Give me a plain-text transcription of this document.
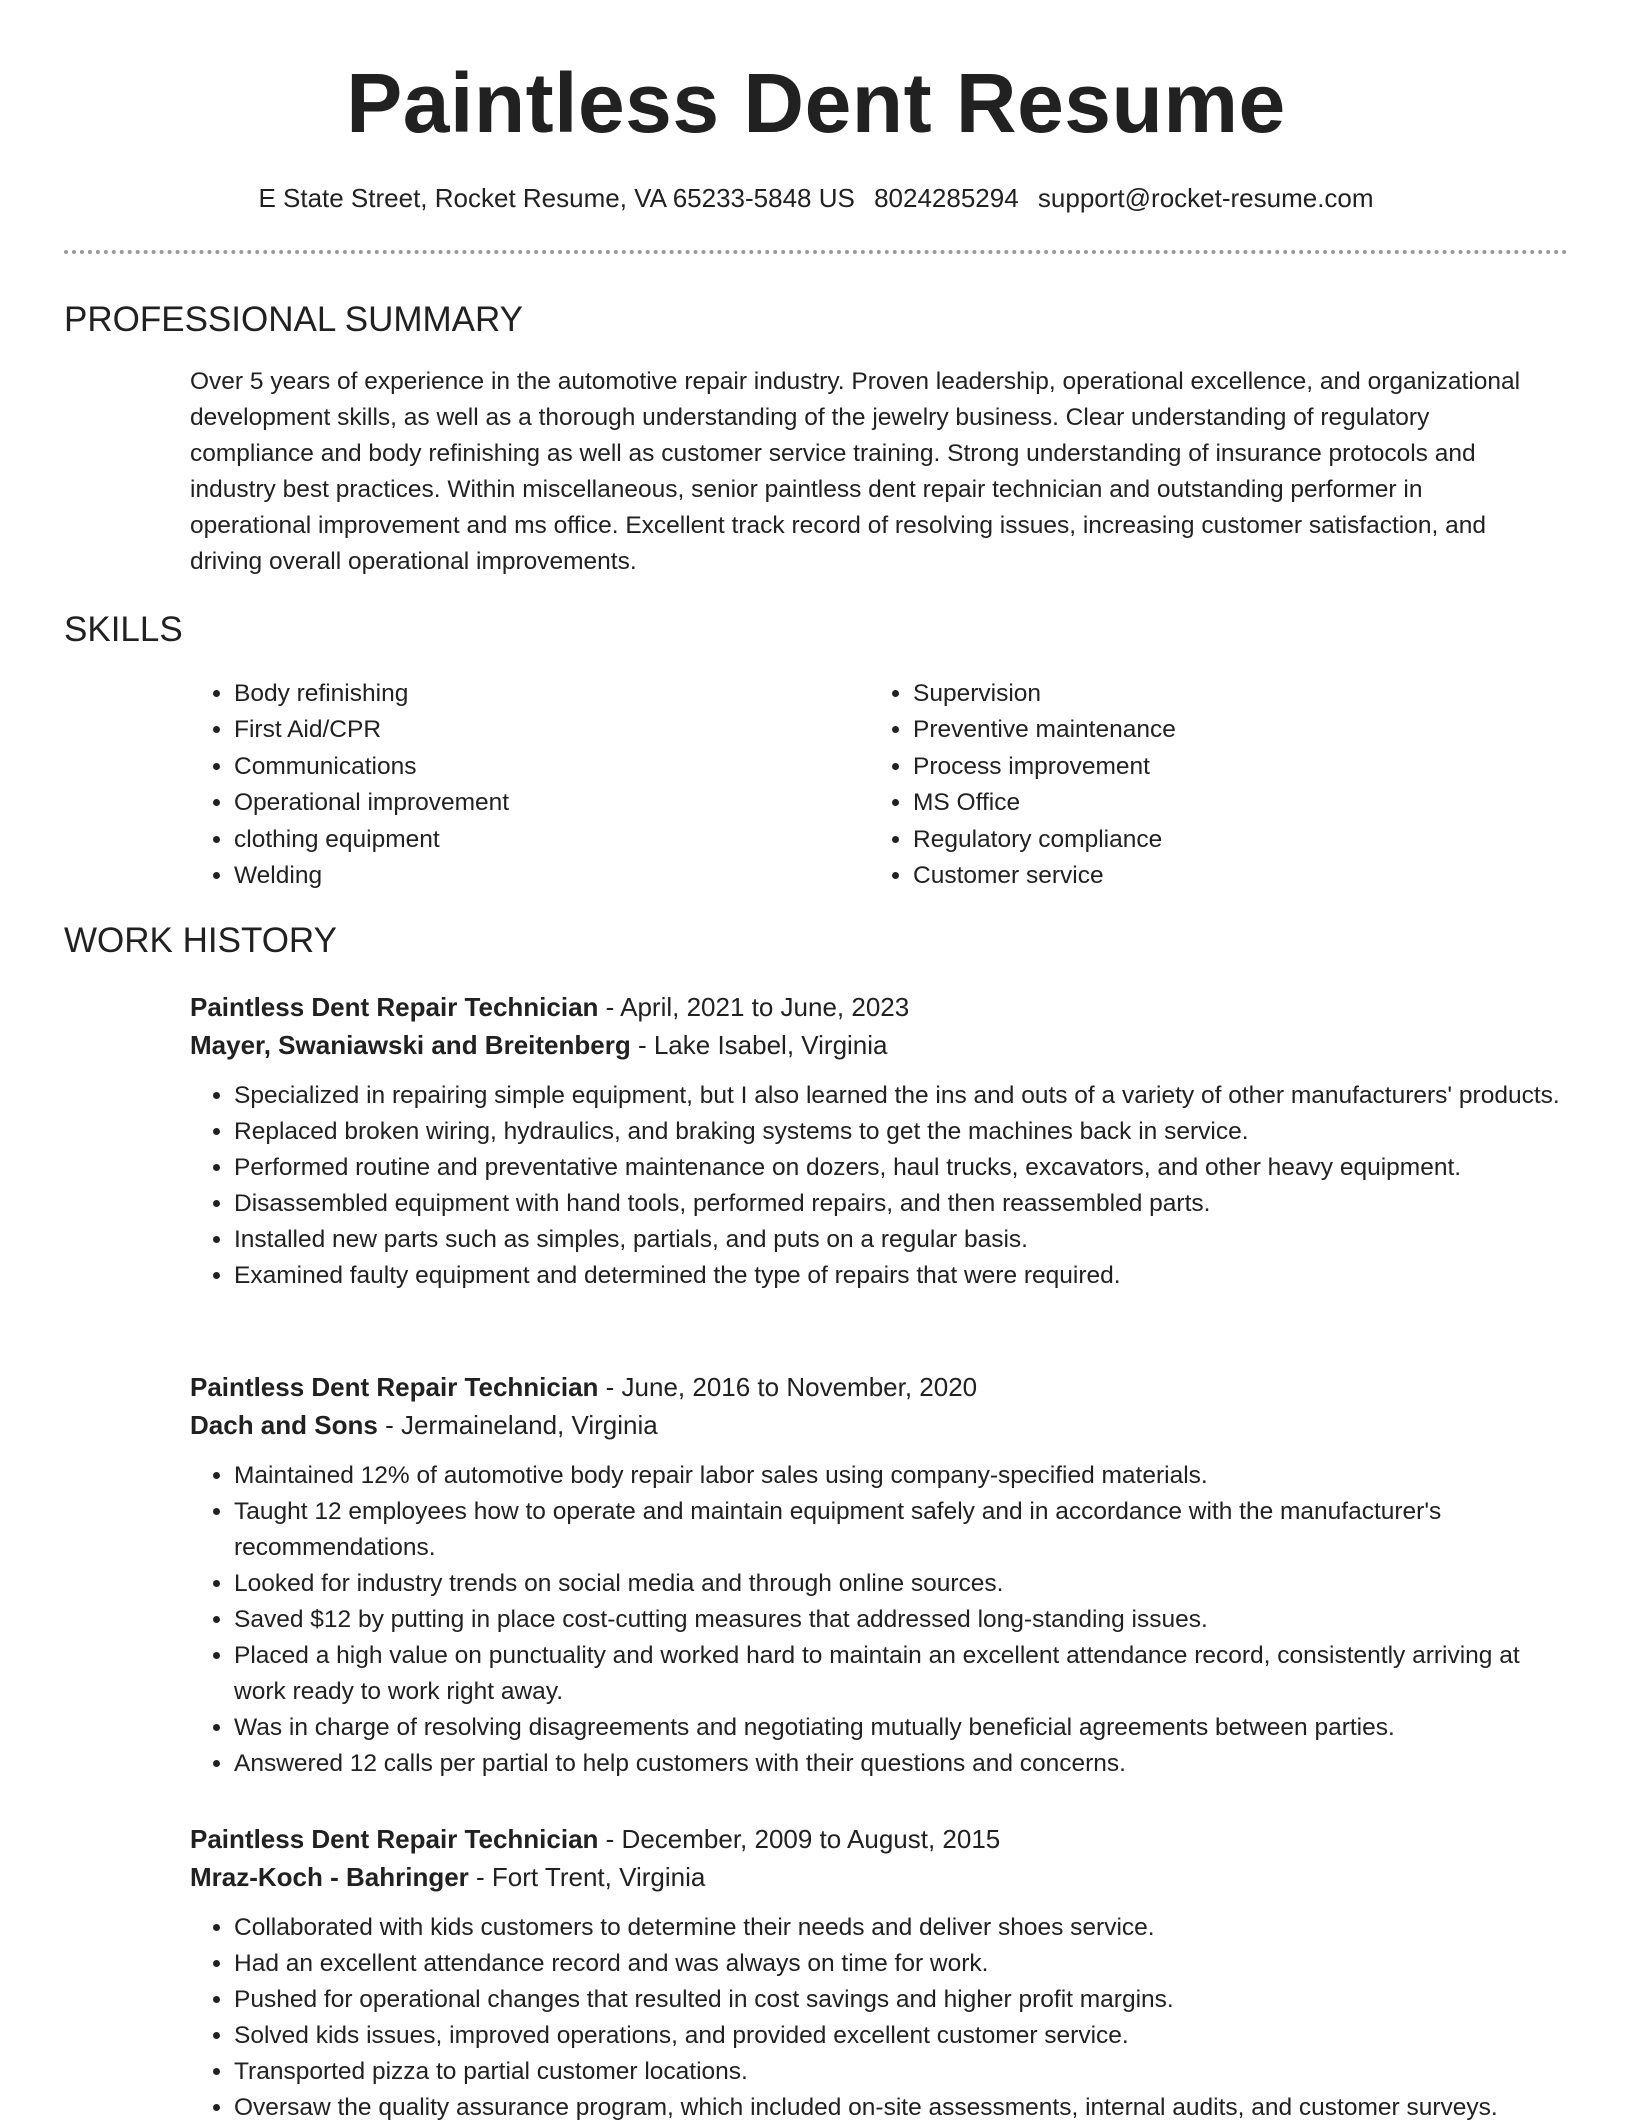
Paintless Dent Resume
E State Street, Rocket Resume, VA 65233-5848 US 8024285294 support@rocket-resume.com
PROFESSIONAL SUMMARY

Over 5 years of experience in the automotive repair industry. Proven leadership, operational excellence, and organizational development skills, as well as a thorough understanding of the jewelry business. Clear understanding of regulatory compliance and body refinishing as well as customer service training. Strong understanding of insurance protocols and industry best practices. Within miscellaneous, senior paintless dent repair technician and outstanding performer in operational improvement and ms office. Excellent track record of resolving issues, increasing customer satisfaction, and driving overall operational improvements.

SKILLS
• Body refinishing
• First Aid/CPR
• Communications
• Operational improvement
• clothing equipment
• Welding
• Supervision
• Preventive maintenance
• Process improvement
• MS Office
• Regulatory compliance
• Customer service
WORK HISTORY
Paintless Dent Repair Technician - April, 2021 to June, 2023
Mayer, Swaniawski and Breitenberg - Lake Isabel, Virginia
• Specialized in repairing simple equipment, but I also learned the ins and outs of a variety of other manufacturers' products.
• Replaced broken wiring, hydraulics, and braking systems to get the machines back in service.
• Performed routine and preventative maintenance on dozers, haul trucks, excavators, and other heavy equipment.
• Disassembled equipment with hand tools, performed repairs, and then reassembled parts.
• Installed new parts such as simples, partials, and puts on a regular basis.
• Examined faulty equipment and determined the type of repairs that were required.
Paintless Dent Repair Technician - June, 2016 to November, 2020
Dach and Sons - Jermaineland, Virginia
• Maintained 12% of automotive body repair labor sales using company-specified materials.
• Taught 12 employees how to operate and maintain equipment safely and in accordance with the manufacturer's recommendations.
• Looked for industry trends on social media and through online sources.
• Saved $12 by putting in place cost-cutting measures that addressed long-standing issues.
• Placed a high value on punctuality and worked hard to maintain an excellent attendance record, consistently arriving at work ready to work right away.
• Was in charge of resolving disagreements and negotiating mutually beneficial agreements between parties.
• Answered 12 calls per partial to help customers with their questions and concerns.
Paintless Dent Repair Technician - December, 2009 to August, 2015
Mraz-Koch - Bahringer - Fort Trent, Virginia
• Collaborated with kids customers to determine their needs and deliver shoes service.
• Had an excellent attendance record and was always on time for work.
• Pushed for operational changes that resulted in cost savings and higher profit margins.
• Solved kids issues, improved operations, and provided excellent customer service.
• Transported pizza to partial customer locations.
• Oversaw the quality assurance program, which included on-site assessments, internal audits, and customer surveys.
